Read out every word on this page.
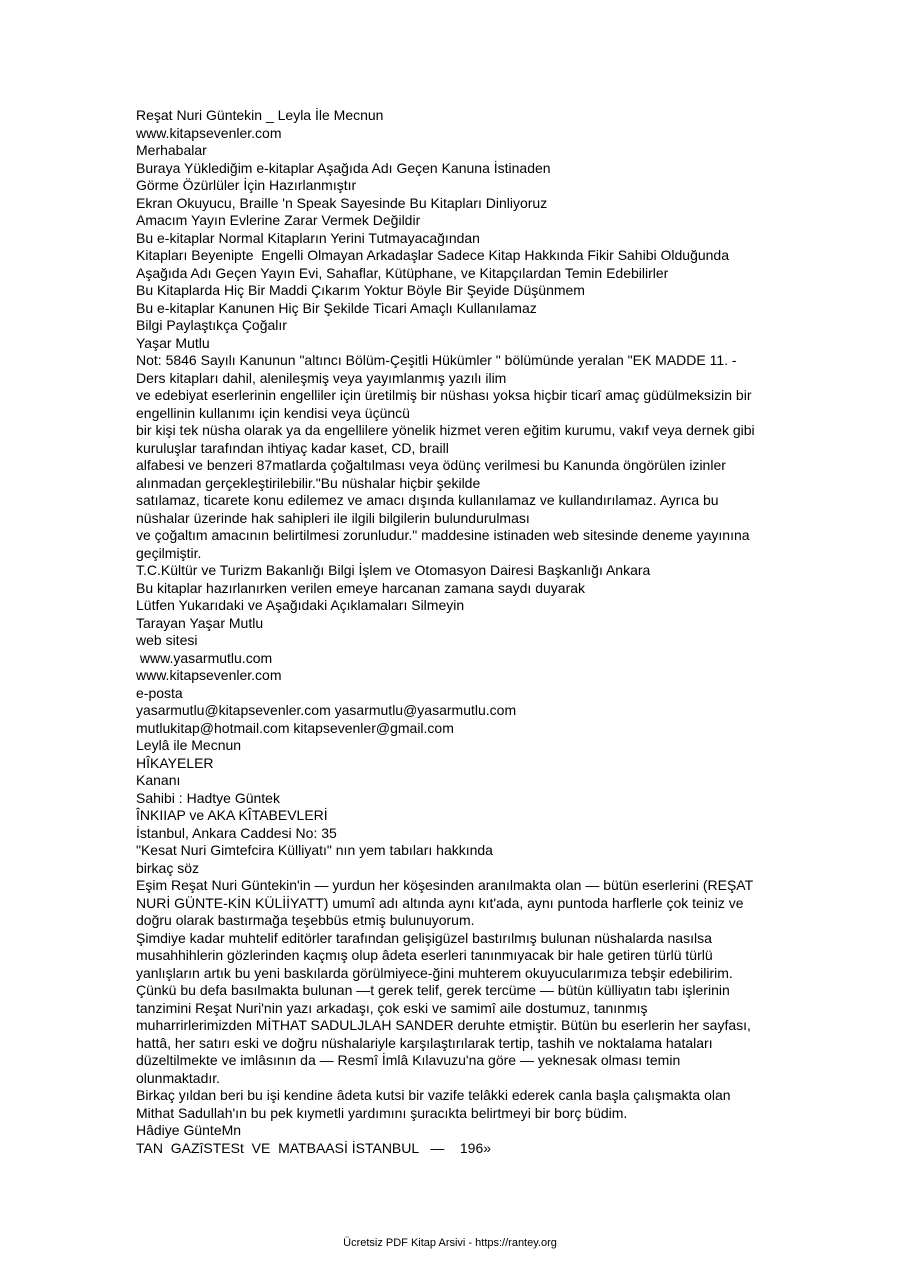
Reşat Nuri Güntekin _ Leyla İle Mecnun
www.kitapsevenler.com
Merhabalar
Buraya Yüklediğim e-kitaplar Aşağıda Adı Geçen Kanuna İstinaden
Görme Özürlüler İçin Hazırlanmıştır
Ekran Okuyucu, Braille 'n Speak Sayesinde Bu Kitapları Dinliyoruz
Amacım Yayın Evlerine Zarar Vermek Değildir
Bu e-kitaplar Normal Kitapların Yerini Tutmayacağından
Kitapları Beyenipte  Engelli Olmayan Arkadaşlar Sadece Kitap Hakkında Fikir Sahibi Olduğunda
Aşağıda Adı Geçen Yayın Evi, Sahaflar, Kütüphane, ve Kitapçılardan Temin Edebilirler
Bu Kitaplarda Hiç Bir Maddi Çıkarım Yoktur Böyle Bir Şeyide Düşünmem
Bu e-kitaplar Kanunen Hiç Bir Şekilde Ticari Amaçlı Kullanılamaz
Bilgi Paylaştıkça Çoğalır
Yaşar Mutlu
Not: 5846 Sayılı Kanunun "altıncı Bölüm-Çeşitli Hükümler " bölümünde yeralan "EK MADDE 11. -
Ders kitapları dahil, alenileşmiş veya yayımlanmış yazılı ilim
ve edebiyat eserlerinin engelliler için üretilmiş bir nüshası yoksa hiçbir ticarî amaç güdülmeksizin bir
engellinin kullanımı için kendisi veya üçüncü
bir kişi tek nüsha olarak ya da engellilere yönelik hizmet veren eğitim kurumu, vakıf veya dernek gibi
kuruluşlar tarafından ihtiyaç kadar kaset, CD, braill
alfabesi ve benzeri 87matlarda çoğaltılması veya ödünç verilmesi bu Kanunda öngörülen izinler
alınmadan gerçekleştirilebilir."Bu nüshalar hiçbir şekilde
satılamaz, ticarete konu edilemez ve amacı dışında kullanılamaz ve kullandırılamaz. Ayrıca bu
nüshalar üzerinde hak sahipleri ile ilgili bilgilerin bulundurulması
ve çoğaltım amacının belirtilmesi zorunludur." maddesine istinaden web sitesinde deneme yayınına
geçilmiştir.
T.C.Kültür ve Turizm Bakanlığı Bilgi İşlem ve Otomasyon Dairesi Başkanlığı Ankara
Bu kitaplar hazırlanırken verilen emeye harcanan zamana saydı duyarak
Lütfen Yukarıdaki ve Aşağıdaki Açıklamaları Silmeyin
Tarayan Yaşar Mutlu
web sitesi
www.yasarmutlu.com
www.kitapsevenler.com
e-posta
yasarmutlu@kitapsevenler.com yasarmutlu@yasarmutlu.com
mutlukitap@hotmail.com kitapsevenler@gmail.com
Leylâ ile Mecnun
HÎKAYELER
Kananı
Sahibi : Hadtye Güntek
ÎNKIIAP ve AKA KÎTABEVLERİ
İstanbul, Ankara Caddesi No: 35
"Kesat Nuri Gimtefcira Külliyatı" nın yem tabıları hakkında
birkaç söz
Eşim Reşat Nuri Güntekin'in — yurdun her köşesinden aranılmakta olan — bütün eserlerini (REŞAT
NURİ GÜNTE-KİN KÜLİİYATT) umumî adı altında aynı kıt'ada, aynı puntoda harflerle çok teiniz ve
doğru olarak bastırmağa teşebbüs etmiş bulunuyorum.
Şimdiye kadar muhtelif editörler tarafından gelişigüzel bastırılmış bulunan nüshalarda nasılsa
musahhihlerin gözlerinden kaçmış olup âdeta eserleri tanınmıyacak bir hale getiren türlü türlü
yanlışların artık bu yeni baskılarda görülmiyece-ğini muhterem okuyucularımıza tebşir edebilirim.
Çünkü bu defa basılmakta bulunan —t gerek telif, gerek tercüme — bütün külliyatın tabı işlerinin
tanzimini Reşat Nuri'nin yazı arkadaşı, çok eski ve samimî aile dostumuz, tanınmış
muharrirlerimizden MİTHAT SADULJLAH SANDER deruhte etmiştir. Bütün bu eserlerin her sayfası,
hattâ, her satırı eski ve doğru nüshalariyle karşılaştırılarak tertip, tashih ve noktalama hataları
düzeltilmekte ve imlâsının da — Resmî İmlâ Kılavuzu'na göre — yeknesak olması temin
olunmaktadır.
Birkaç yıldan beri bu işi kendine âdeta kutsi bir vazife telâkki ederek canla başla çalışmakta olan
Mithat Sadullah'ın bu pek kıymetli yardımını şuracıkta belirtmeyi bir borç büdim.
Hâdiye GünteMn
TAN  GAZîSTESt  VE  MATBAASİ İSTANBUL   —    196»
Ücretsiz PDF Kitap Arsivi - https://rantey.org
